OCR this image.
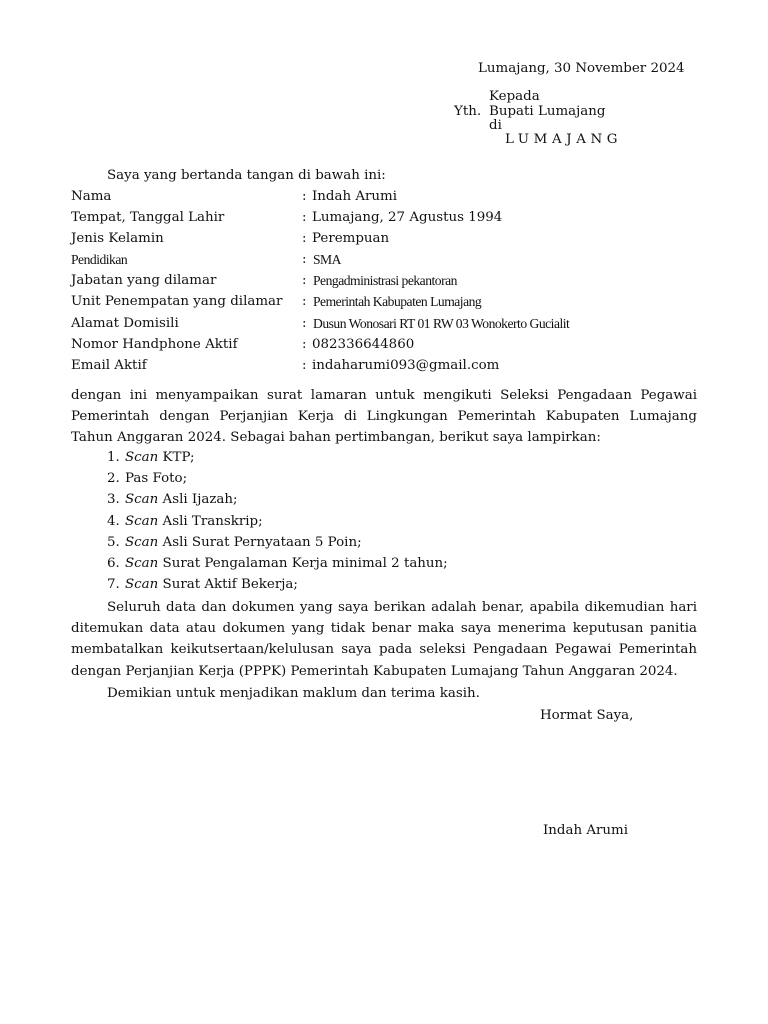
Lumajang, 30 November 2024
Kepada
Yth. Bupati Lumajang
di
LUMAJANG
Saya yang bertanda tangan di bawah ini:
Nama	: Indah Arumi
Tempat, Tanggal Lahir	: Lumajang, 27 Agustus 1994
Jenis Kelamin	: Perempuan
Pendidikan	: SMA
Jabatan yang dilamar	: Pengadministrasi pekantoran
Unit Penempatan yang dilamar : Pemerintah Kabupaten Lumajang
Alamat Domisili	: Dusun Wonosari RT 01 RW 03 Wonokerto Gucialit
Nomor Handphone Aktif	: 082336644860
Email Aktif	: indaharumi093@gmail.com
dengan ini menyampaikan surat lamaran untuk mengikuti Seleksi Pengadaan Pegawai Pemerintah dengan Perjanjian Kerja di Lingkungan Pemerintah Kabupaten Lumajang Tahun Anggaran 2024. Sebagai bahan pertimbangan, berikut saya lampirkan:
1. Scan KTP;
2. Pas Foto;
3. Scan Asli Ijazah;
4. Scan Asli Transkrip;
5. Scan Asli Surat Pernyataan 5 Poin;
6. Scan Surat Pengalaman Kerja minimal 2 tahun;
7. Scan Surat Aktif Bekerja;
Seluruh data dan dokumen yang saya berikan adalah benar, apabila dikemudian hari ditemukan data atau dokumen yang tidak benar maka saya menerima keputusan panitia membatalkan keikutsertaan/kelulusan saya pada seleksi Pengadaan Pegawai Pemerintah dengan Perjanjian Kerja (PPPK) Pemerintah Kabupaten Lumajang Tahun Anggaran 2024.
Demikian untuk menjadikan maklum dan terima kasih.
Hormat Saya,
Indah Arumi
